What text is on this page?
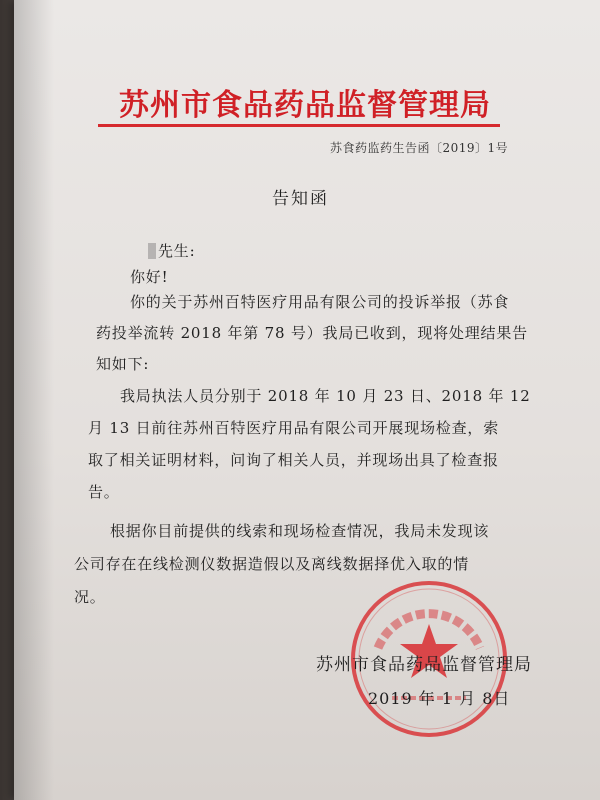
苏州市食品药品监督管理局
苏食药监药生告函〔2019〕1号
告知函
先生:
你好!
你的关于苏州百特医疗用品有限公司的投诉举报（苏食
药投举流转 2018 年第 78 号）我局已收到，现将处理结果告
知如下:
我局执法人员分别于 2018 年 10 月 23 日、2018 年 12
月 13 日前往苏州百特医疗用品有限公司开展现场检查，索
取了相关证明材料，问询了相关人员，并现场出具了检查报
告。
根据你目前提供的线索和现场检查情况，我局未发现该
公司存在在线检测仪数据造假以及离线数据择优入取的情
况。
苏州市食品药品监督管理局
2019 年 1 月 8日
